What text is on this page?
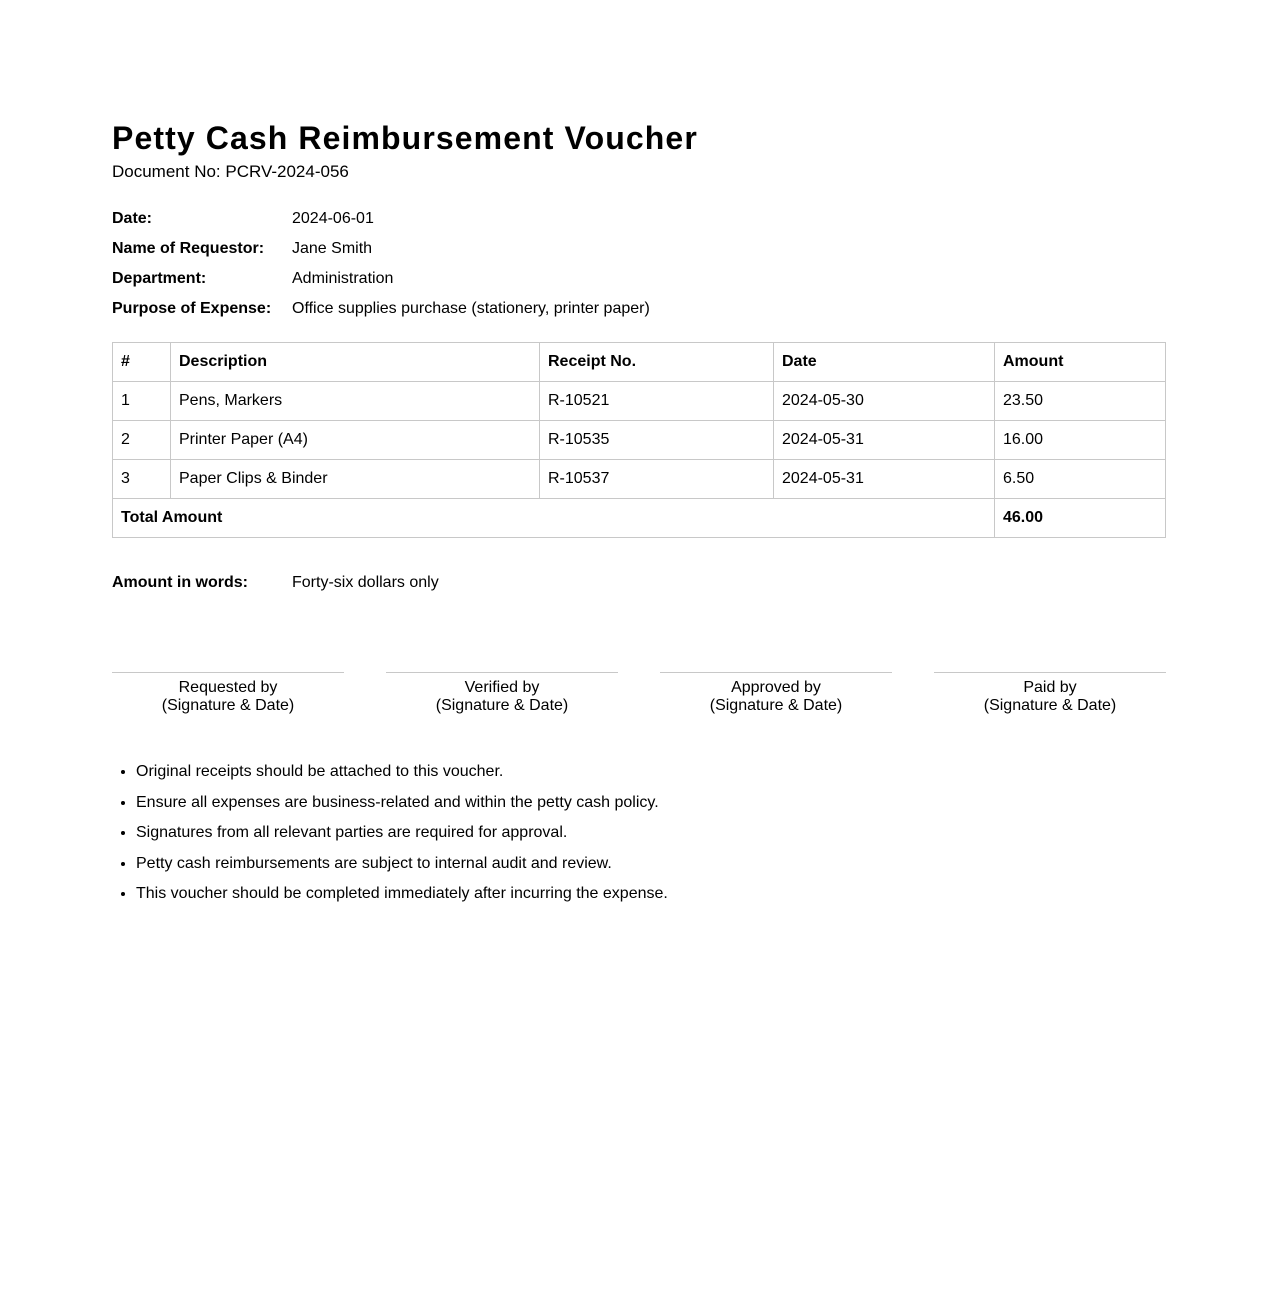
Petty Cash Reimbursement Voucher
Document No: PCRV-2024-056
Date:	2024-06-01
Name of Requestor:	Jane Smith
Department:	Administration
Purpose of Expense:	Office supplies purchase (stationery, printer paper)
#	Description	Receipt No.	Date	Amount
1	Pens, Markers	R-10521	2024-05-30	23.50
2	Printer Paper (A4)	R-10535	2024-05-31	16.00
3	Paper Clips & Binder	R-10537	2024-05-31	6.50
Total Amount				46.00
Amount in words:	Forty-six dollars only
Requested by
(Signature & Date)
Verified by
(Signature & Date)
Approved by
(Signature & Date)
Paid by
(Signature & Date)
• Original receipts should be attached to this voucher.
• Ensure all expenses are business-related and within the petty cash policy.
• Signatures from all relevant parties are required for approval.
• Petty cash reimbursements are subject to internal audit and review.
• This voucher should be completed immediately after incurring the expense.
